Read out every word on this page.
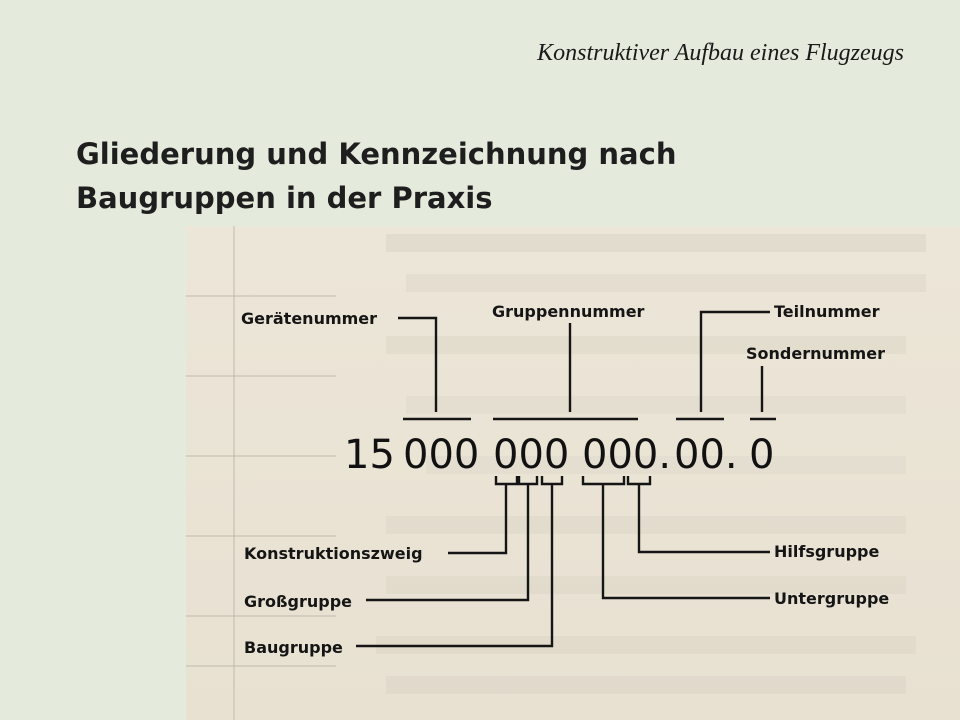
Konstruktiver Aufbau eines Flugzeugs
Gliederung und Kennzeichnung nach
Baugruppen in der Praxis
15 000 000 000. 00. 0
Gerätenummer	Gruppennummer	Teilnummer
Sondernummer
Konstruktionszweig
Großgruppe
Baugruppe
Hilfsgruppe
Untergruppe
